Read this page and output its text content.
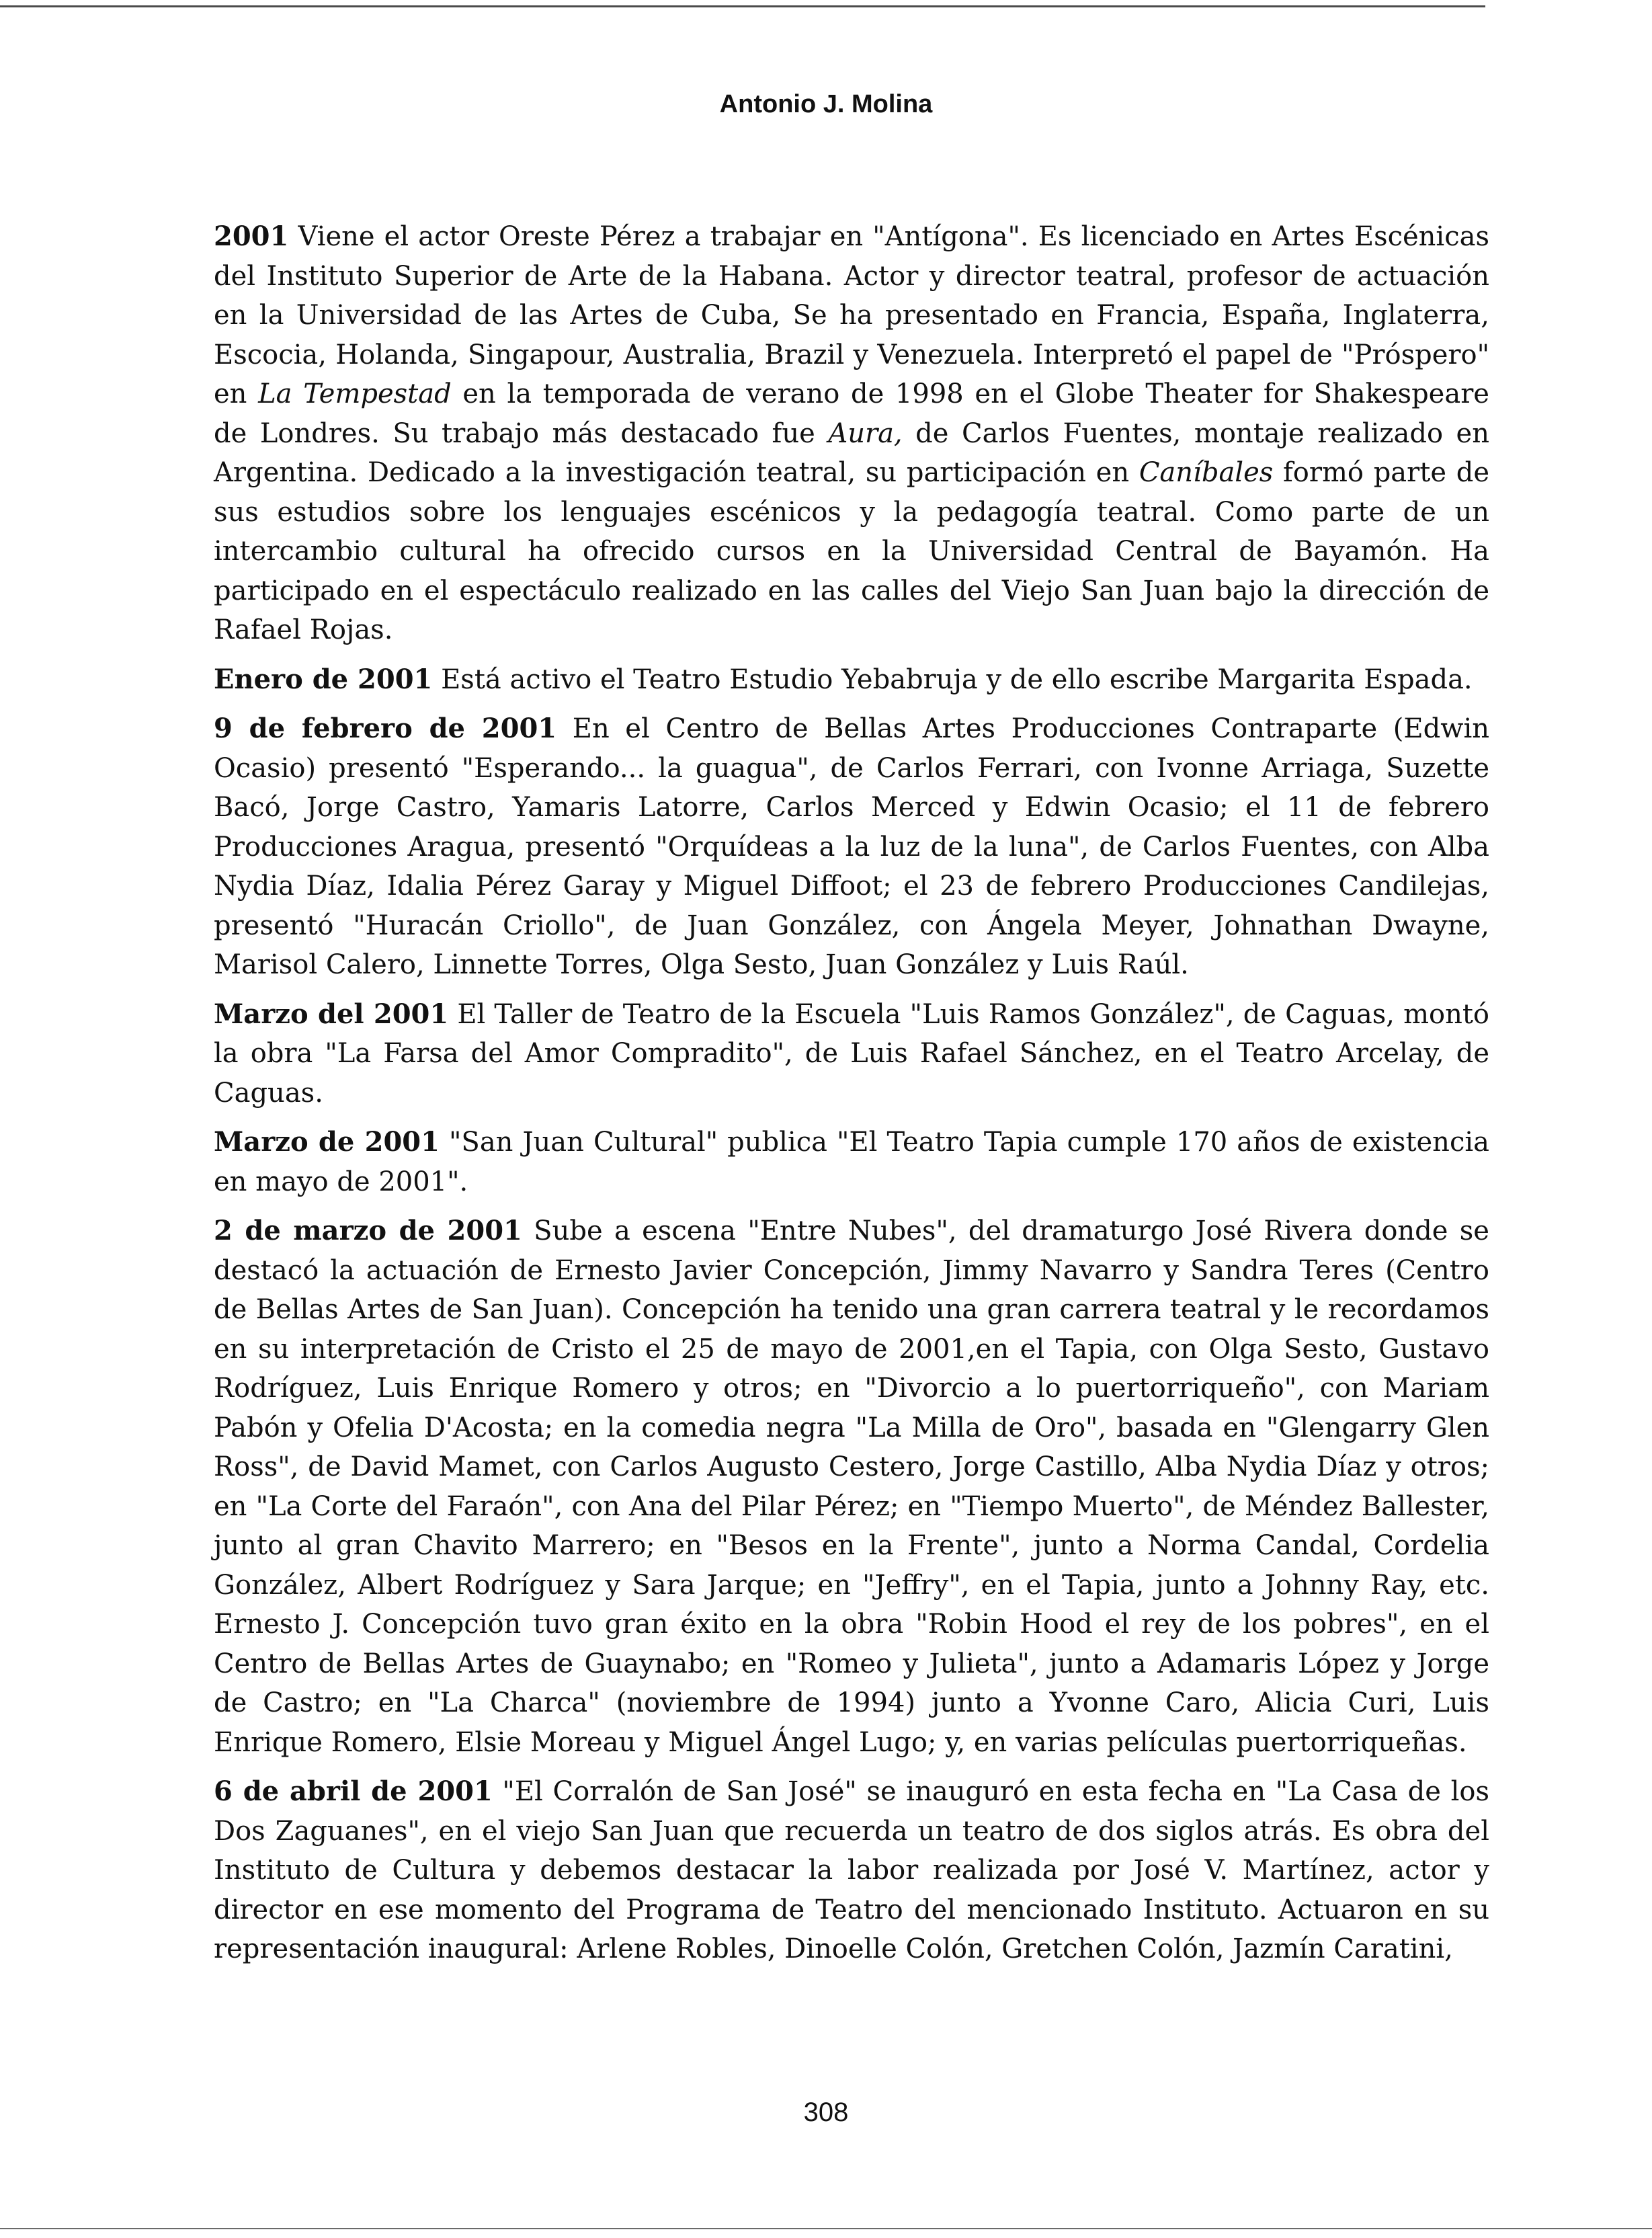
Antonio J. Molina

2001 Viene el actor Oreste Pérez a trabajar en "Antígona". Es licenciado en Artes Escénicas del Instituto Superior de Arte de la Habana. Actor y director teatral, profesor de actuación en la Universidad de las Artes de Cuba, Se ha presentado en Francia, España, Inglaterra, Escocia, Holanda, Singapour, Australia, Brazil y Venezuela. Interpretó el papel de "Próspero" en La Tempestad en la temporada de verano de 1998 en el Globe Theater for Shakespeare de Londres. Su trabajo más destacado fue Aura, de Carlos Fuentes, montaje realizado en Argentina. Dedicado a la investigación teatral, su participación en Caníbales formó parte de sus estudios sobre los lenguajes escénicos y la pedagogía teatral. Como parte de un intercambio cultural ha ofrecido cursos en la Universidad Central de Bayamón. Ha participado en el espectáculo realizado en las calles del Viejo San Juan bajo la dirección de Rafael Rojas.

Enero de 2001 Está activo el Teatro Estudio Yebabruja y de ello escribe Margarita Espada.

9 de febrero de 2001 En el Centro de Bellas Artes Producciones Contraparte (Edwin Ocasio) presentó "Esperando... la guagua", de Carlos Ferrari, con Ivonne Arriaga, Suzette Bacó, Jorge Castro, Yamaris Latorre, Carlos Merced y Edwin Ocasio; el 11 de febrero Producciones Aragua, presentó "Orquídeas a la luz de la luna", de Carlos Fuentes, con Alba Nydia Díaz, Idalia Pérez Garay y Miguel Diffoot; el 23 de febrero Producciones Candilejas, presentó "Huracán Criollo", de Juan González, con Ángela Meyer, Johnathan Dwayne, Marisol Calero, Linnette Torres, Olga Sesto, Juan González y Luis Raúl.

Marzo del 2001 El Taller de Teatro de la Escuela "Luis Ramos González", de Caguas, montó la obra "La Farsa del Amor Compradito", de Luis Rafael Sánchez, en el Teatro Arcelay, de Caguas.

Marzo de 2001 "San Juan Cultural" publica "El Teatro Tapia cumple 170 años de existencia en mayo de 2001".

2 de marzo de 2001 Sube a escena "Entre Nubes", del dramaturgo José Rivera donde se destacó la actuación de Ernesto Javier Concepción, Jimmy Navarro y Sandra Teres (Centro de Bellas Artes de San Juan). Concepción ha tenido una gran carrera teatral y le recordamos en su interpretación de Cristo el 25 de mayo de 2001,en el Tapia, con Olga Sesto, Gustavo Rodríguez, Luis Enrique Romero y otros; en "Divorcio a lo puertorriqueño", con Mariam Pabón y Ofelia D'Acosta; en la comedia negra "La Milla de Oro", basada en "Glengarry Glen Ross", de David Mamet, con Carlos Augusto Cestero, Jorge Castillo, Alba Nydia Díaz y otros; en "La Corte del Faraón", con Ana del Pilar Pérez; en "Tiempo Muerto", de Méndez Ballester, junto al gran Chavito Marrero; en "Besos en la Frente", junto a Norma Candal, Cordelia González, Albert Rodríguez y Sara Jarque; en "Jeffry", en el Tapia, junto a Johnny Ray, etc. Ernesto J. Concepción tuvo gran éxito en la obra "Robin Hood el rey de los pobres", en el Centro de Bellas Artes de Guaynabo; en "Romeo y Julieta", junto a Adamaris López y Jorge de Castro; en "La Charca" (noviembre de 1994) junto a Yvonne Caro, Alicia Curi, Luis Enrique Romero, Elsie Moreau y Miguel Ángel Lugo; y, en varias películas puertorriqueñas.

6 de abril de 2001 "El Corralón de San José" se inauguró en esta fecha en "La Casa de los Dos Zaguanes", en el viejo San Juan que recuerda un teatro de dos siglos atrás. Es obra del Instituto de Cultura y debemos destacar la labor realizada por José V. Martínez, actor y director en ese momento del Programa de Teatro del mencionado Instituto. Actuaron en su representación inaugural: Arlene Robles, Dinoelle Colón, Gretchen Colón, Jazmín Caratini,

308
